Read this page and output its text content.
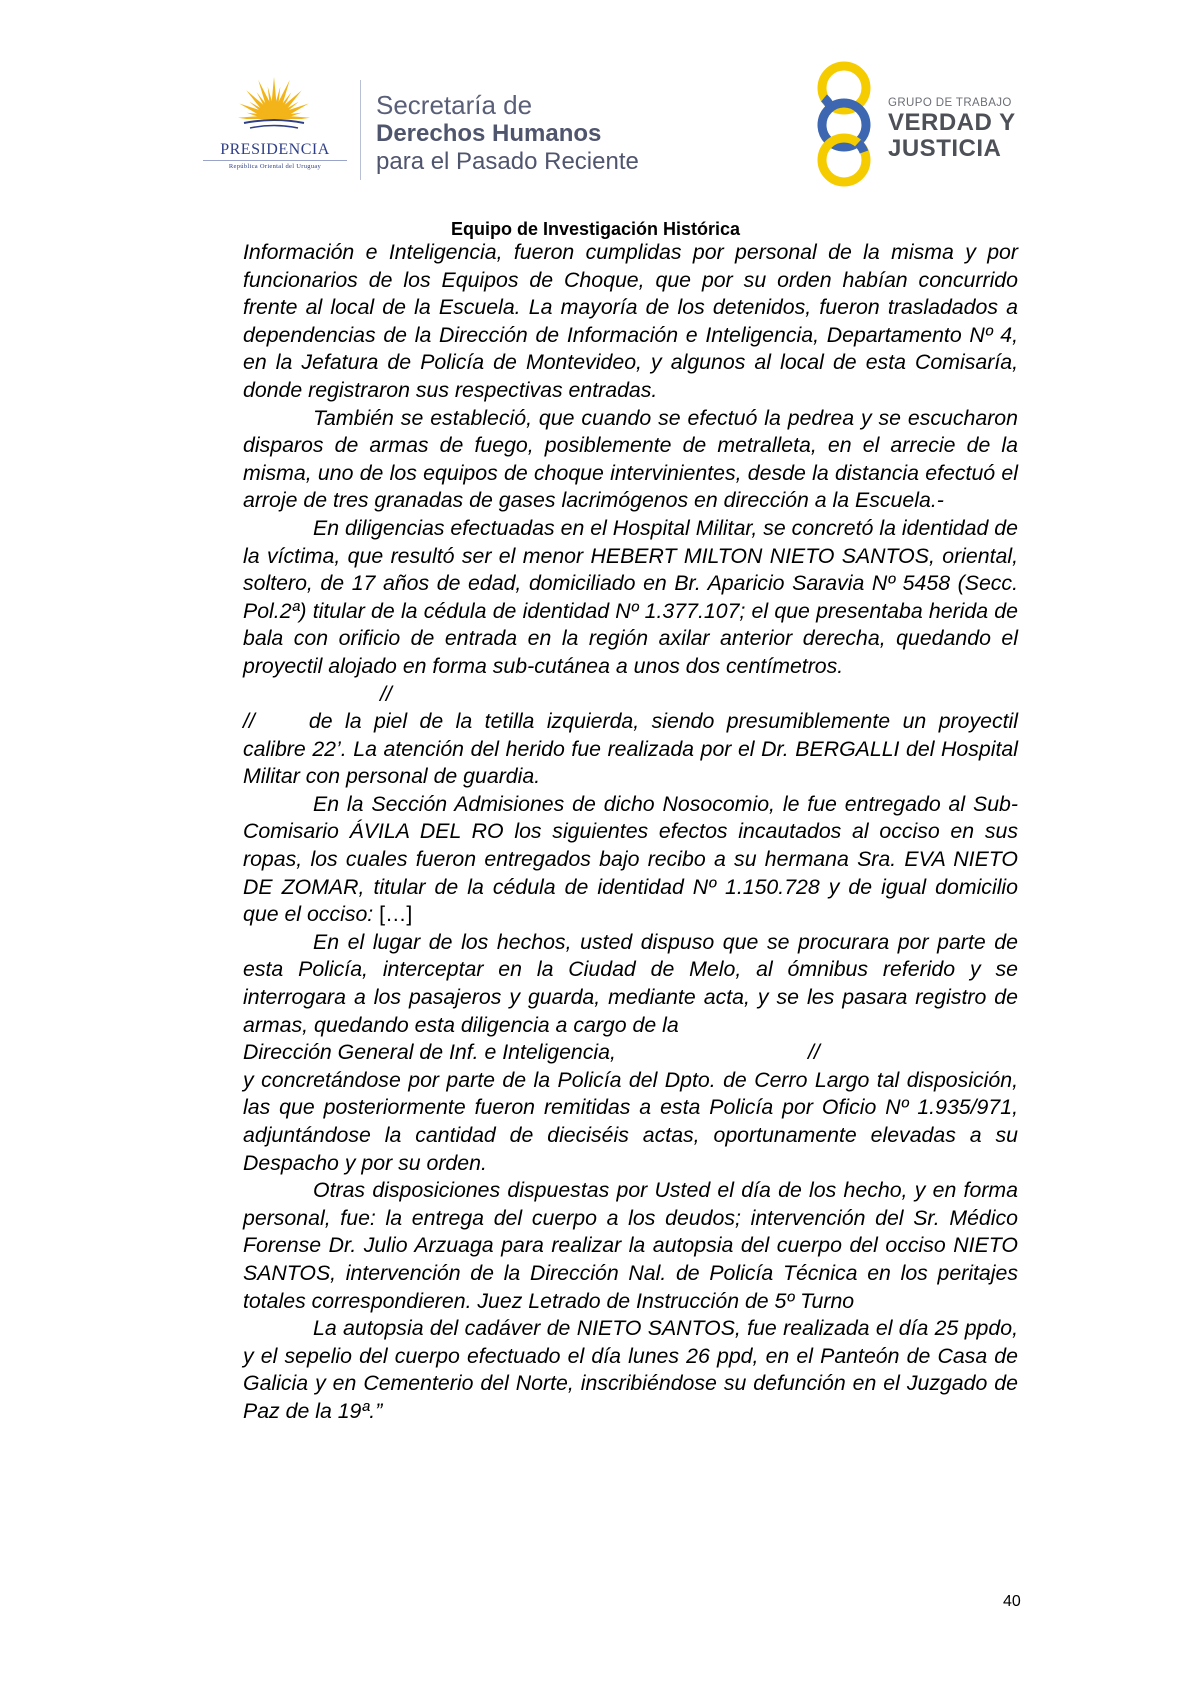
PRESIDENCIA
República Oriental del Uruguay
Secretaría de
Derechos Humanos
para el Pasado Reciente
GRUPO DE TRABAJO
VERDAD Y
JUSTICIA
Equipo de Investigación Histórica

Información e Inteligencia, fueron cumplidas por personal de la misma y por funcionarios de los Equipos de Choque, que por su orden habían concurrido frente al local de la Escuela. La mayoría de los detenidos, fueron trasladados a dependencias de la Dirección de Información e Inteligencia, Departamento Nº 4, en la Jefatura de Policía de Montevideo, y algunos al local de esta Comisaría, donde registraron sus respectivas entradas.

También se estableció, que cuando se efectuó la pedrea y se escucharon disparos de armas de fuego, posiblemente de metralleta, en el arrecie de la misma, uno de los equipos de choque intervinientes, desde la distancia efectuó el arroje de tres granadas de gases lacrimógenos en dirección a la Escuela.-

En diligencias efectuadas en el Hospital Militar, se concretó la identidad de la víctima, que resultó ser el menor HEBERT MILTON NIETO SANTOS, oriental, soltero, de 17 años de edad, domiciliado en Br. Aparicio Saravia Nº 5458 (Secc. Pol.2ª) titular de la cédula de identidad Nº 1.377.107; el que presentaba herida de bala con orificio de entrada en la región axilar anterior derecha, quedando el proyectil alojado en forma sub-cutánea a unos dos centímetros.

//

//	de la piel de la tetilla izquierda, siendo presumiblemente un proyectil calibre 22’. La atención del herido fue realizada por el Dr. BERGALLI del Hospital Militar con personal de guardia.

En la Sección Admisiones de dicho Nosocomio, le fue entregado al Sub-Comisario ÁVILA DEL RO los siguientes efectos incautados al occiso en sus ropas, los cuales fueron entregados bajo recibo a su hermana Sra. EVA NIETO DE ZOMAR, titular de la cédula de identidad Nº 1.150.728 y de igual domicilio que el occiso: […]

En el lugar de los hechos, usted dispuso que se procurara por parte de esta Policía, interceptar en la Ciudad de Melo, al ómnibus referido y se interrogara a los pasajeros y guarda, mediante acta, y se les pasara registro de armas, quedando esta diligencia a cargo de la

Dirección General de Inf. e Inteligencia,	//

y concretándose por parte de la Policía del Dpto. de Cerro Largo tal disposición, las que posteriormente fueron remitidas a esta Policía por Oficio Nº 1.935/971, adjuntándose la cantidad de dieciséis actas, oportunamente elevadas a su Despacho y por su orden.

Otras disposiciones dispuestas por Usted el día de los hecho, y en forma personal, fue: la entrega del cuerpo a los deudos; intervención del Sr. Médico Forense Dr. Julio Arzuaga para realizar la autopsia del cuerpo del occiso NIETO SANTOS, intervención de la Dirección Nal. de Policía Técnica en los peritajes totales correspondieren. Juez Letrado de Instrucción de 5º Turno

La autopsia del cadáver de NIETO SANTOS, fue realizada el día 25 ppdo, y el sepelio del cuerpo efectuado el día lunes 26 ppd, en el Panteón de Casa de Galicia y en Cementerio del Norte, inscribiéndose su defunción en el Juzgado de Paz de la 19ª.”

40
